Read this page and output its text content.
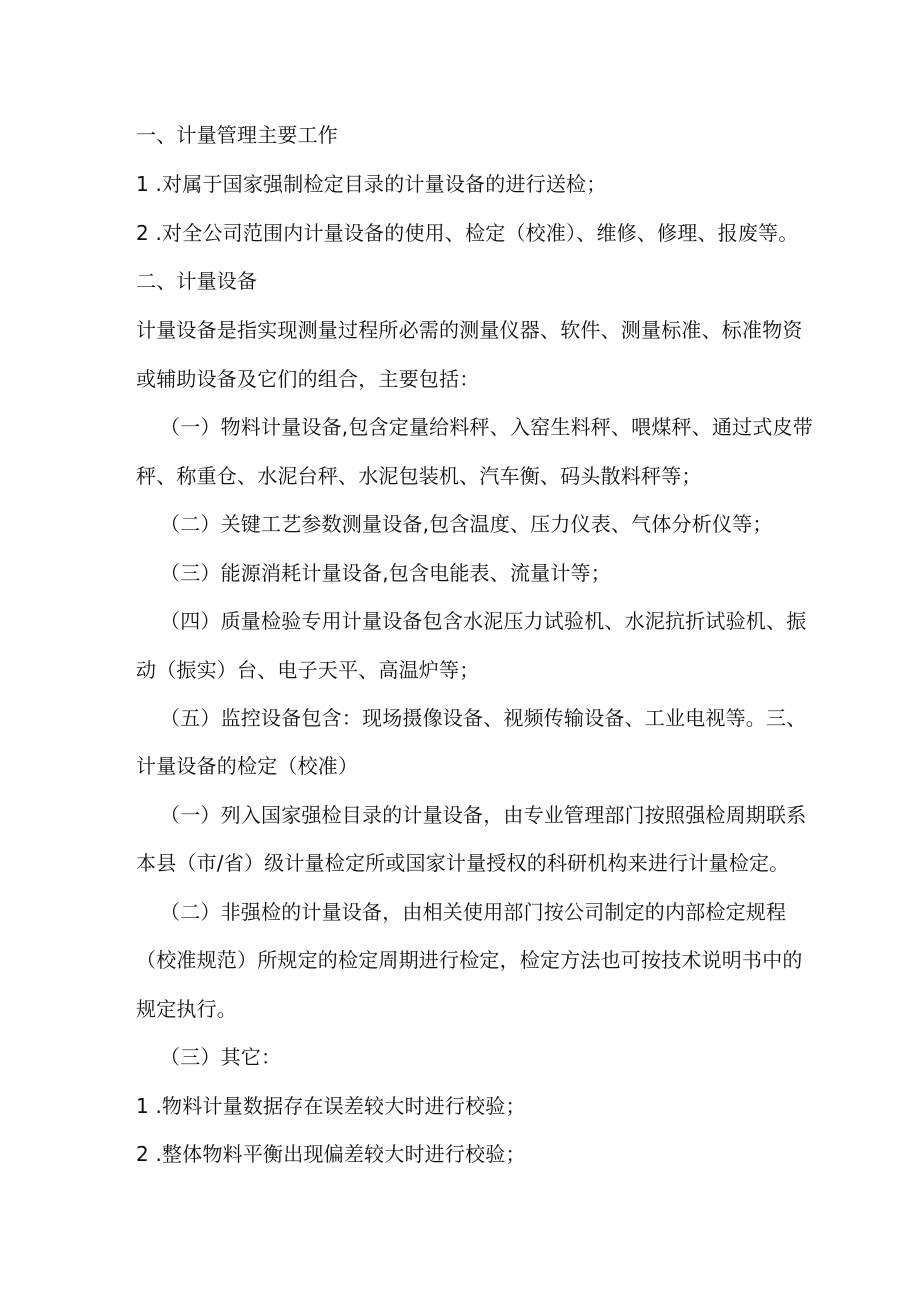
一、计量管理主要工作
1 .对属于国家强制检定目录的计量设备的进行送检；
2 .对全公司范围内计量设备的使用、检定（校准）、维修、修理、报废等。
二、计量设备
计量设备是指实现测量过程所必需的测量仪器、软件、测量标准、标准物资
或辅助设备及它们的组合，主要包括：
（一）物料计量设备,包含定量给料秤、入窑生料秤、喂煤秤、通过式皮带
秤、称重仓、水泥台秤、水泥包装机、汽车衡、码头散料秤等；
（二）关键工艺参数测量设备,包含温度、压力仪表、气体分析仪等；
（三）能源消耗计量设备,包含电能表、流量计等；
（四）质量检验专用计量设备包含水泥压力试验机、水泥抗折试验机、振
动（振实）台、电子天平、高温炉等；
（五）监控设备包含：现场摄像设备、视频传输设备、工业电视等。三、
计量设备的检定（校准）
（一）列入国家强检目录的计量设备，由专业管理部门按照强检周期联系
本县（市/省）级计量检定所或国家计量授权的科研机构来进行计量检定。
（二）非强检的计量设备，由相关使用部门按公司制定的内部检定规程
（校准规范）所规定的检定周期进行检定，检定方法也可按技术说明书中的
规定执行。
（三）其它：
1 .物料计量数据存在误差较大时进行校验；
2 .整体物料平衡出现偏差较大时进行校验；
